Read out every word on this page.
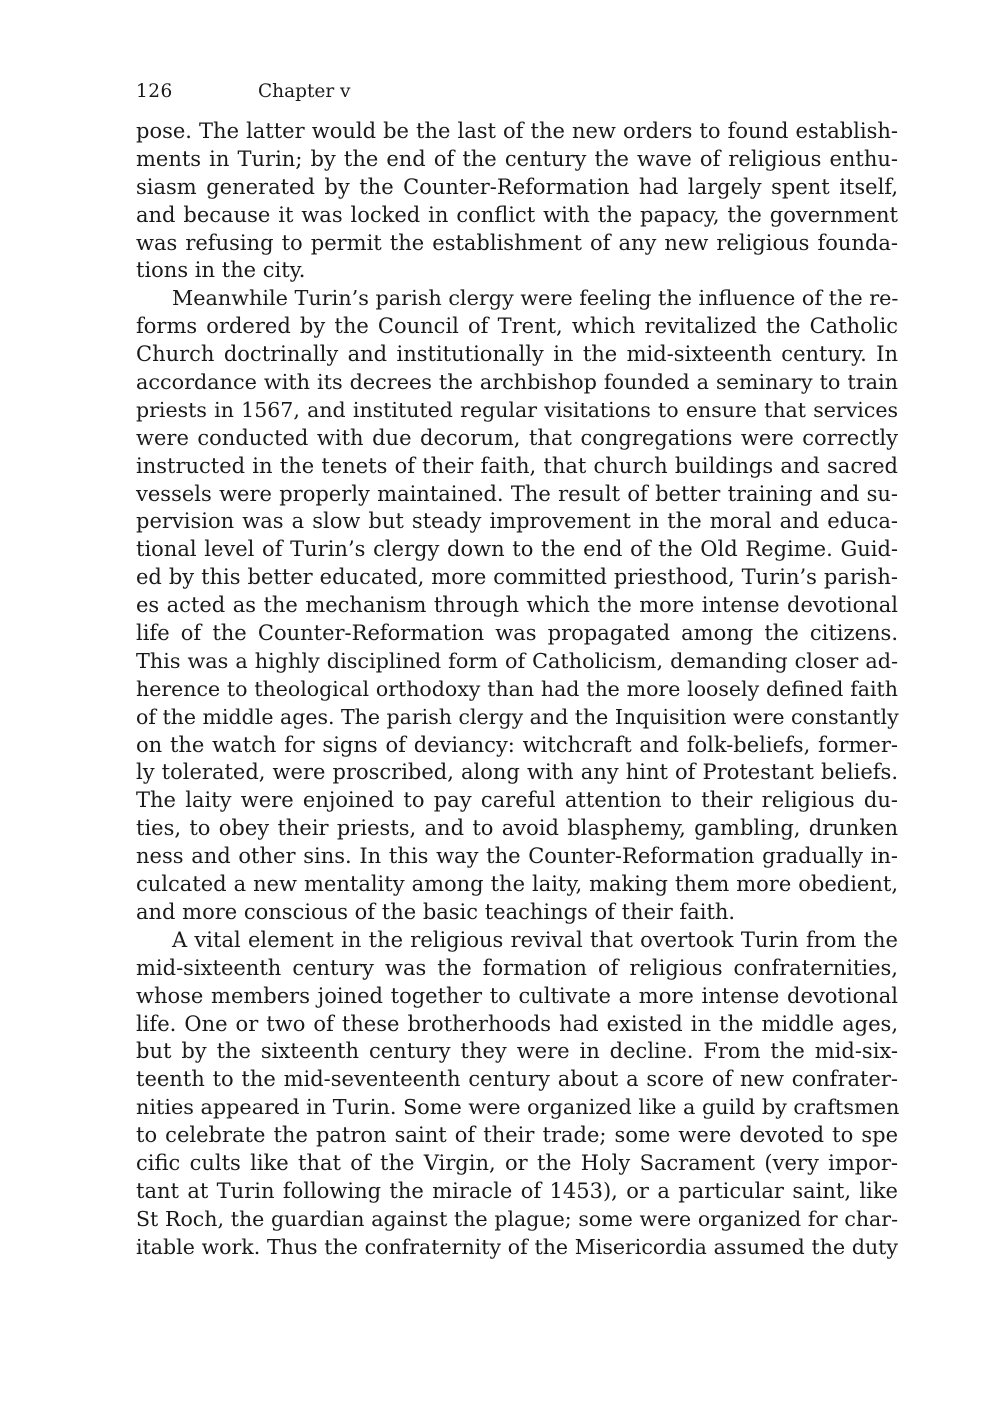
126	Chapter v
pose. The latter would be the last of the new orders to found establish-
ments in Turin; by the end of the century the wave of religious enthu-
siasm generated by the Counter-Reformation had largely spent itself,
and because it was locked in conflict with the papacy, the government
was refusing to permit the establishment of any new religious founda-
tions in the city.
Meanwhile Turin’s parish clergy were feeling the influence of the re-
forms ordered by the Council of Trent, which revitalized the Catholic
Church doctrinally and institutionally in the mid-sixteenth century. In
accordance with its decrees the archbishop founded a seminary to train
priests in 1567, and instituted regular visitations to ensure that services
were conducted with due decorum, that congregations were correctly
instructed in the tenets of their faith, that church buildings and sacred
vessels were properly maintained. The result of better training and su-
pervision was a slow but steady improvement in the moral and educa-
tional level of Turin’s clergy down to the end of the Old Regime. Guid-
ed by this better educated, more committed priesthood, Turin’s parish-
es acted as the mechanism through which the more intense devotional
life of the Counter-Reformation was propagated among the citizens.
This was a highly disciplined form of Catholicism, demanding closer ad-
herence to theological orthodoxy than had the more loosely defined faith
of the middle ages. The parish clergy and the Inquisition were constantly
on the watch for signs of deviancy: witchcraft and folk-beliefs, former-
ly tolerated, were proscribed, along with any hint of Protestant beliefs.
The laity were enjoined to pay careful attention to their religious du-
ties, to obey their priests, and to avoid blasphemy, gambling, drunken
ness and other sins. In this way the Counter-Reformation gradually in-
culcated a new mentality among the laity, making them more obedient,
and more conscious of the basic teachings of their faith.
A vital element in the religious revival that overtook Turin from the
mid-sixteenth century was the formation of religious confraternities,
whose members joined together to cultivate a more intense devotional
life. One or two of these brotherhoods had existed in the middle ages,
but by the sixteenth century they were in decline. From the mid-six-
teenth to the mid-seventeenth century about a score of new confrater-
nities appeared in Turin. Some were organized like a guild by craftsmen
to celebrate the patron saint of their trade; some were devoted to spe
cific cults like that of the Virgin, or the Holy Sacrament (very impor-
tant at Turin following the miracle of 1453), or a particular saint, like
St Roch, the guardian against the plague; some were organized for char-
itable work. Thus the confraternity of the Misericordia assumed the duty
